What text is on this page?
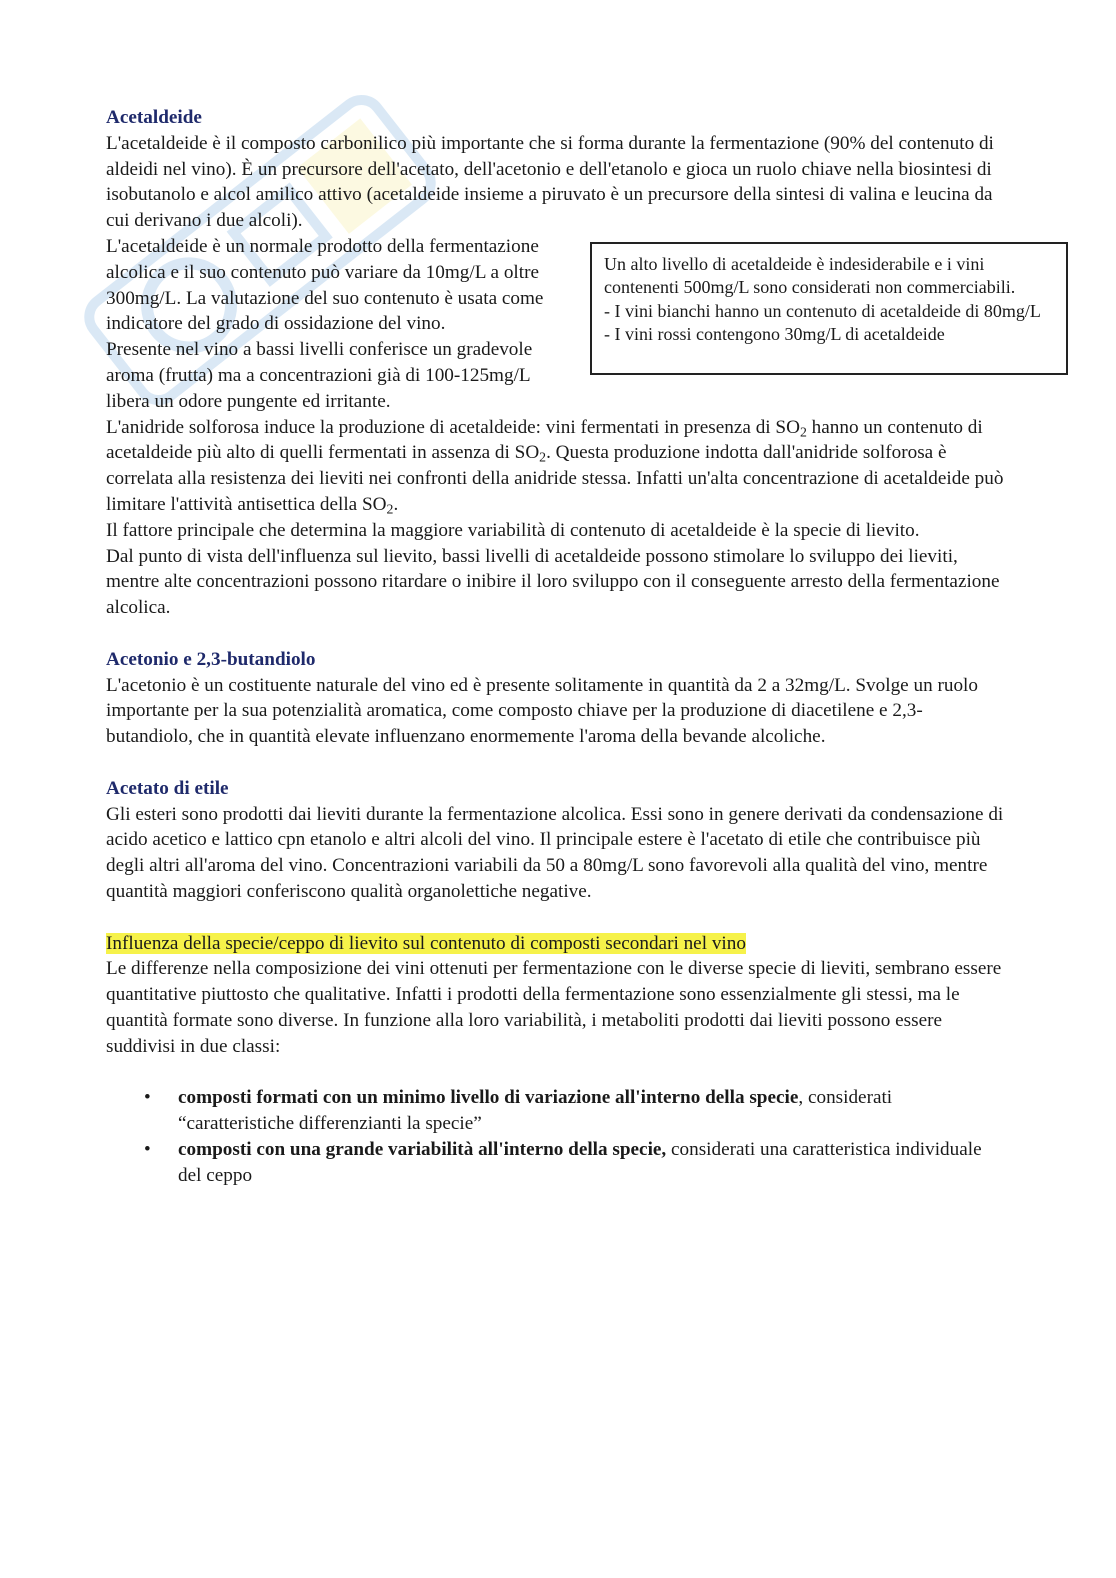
Acetaldeide

L'acetaldeide è il composto carbonilico più importante che si forma durante la fermentazione (90% del contenuto di aldeidi nel vino). È un precursore dell'acetato, dell'acetonio e dell'etanolo e gioca un ruolo chiave nella biosintesi di isobutanolo e alcol amilico attivo (acetaldeide insieme a piruvato è un precursore della sintesi di valina e leucina da cui derivano i due alcoli).

Un alto livello di acetaldeide è indesiderabile e i vini contenenti 500mg/L sono considerati non commerciabili.
- I vini bianchi hanno un contenuto di acetaldeide di 80mg/L
- I vini rossi contengono 30mg/L di acetaldeide

L'acetaldeide è un normale prodotto della fermentazione alcolica e il suo contenuto può variare da 10mg/L a oltre 300mg/L. La valutazione del suo contenuto è usata come indicatore del grado di ossidazione del vino.

Presente nel vino a bassi livelli conferisce un gradevole aroma (frutta) ma a concentrazioni già di 100-125mg/L libera un odore pungente ed irritante.

L'anidride solforosa induce la produzione di acetaldeide: vini fermentati in presenza di $SO_2$ hanno un contenuto di acetaldeide più alto di quelli fermentati in assenza di $SO_2$. Questa produzione indotta dall'anidride solforosa è correlata alla resistenza dei lieviti nei confronti della anidride stessa. Infatti un'alta concentrazione di acetaldeide può limitare l'attività antisettica della $SO_2$.

Il fattore principale che determina la maggiore variabilità di contenuto di acetaldeide è la specie di lievito.

Dal punto di vista dell'influenza sul lievito, bassi livelli di acetaldeide possono stimolare lo sviluppo dei lieviti, mentre alte concentrazioni possono ritardare o inibire il loro sviluppo con il conseguente arresto della fermentazione alcolica.

Acetonio e 2,3-butandiolo

L'acetonio è un costituente naturale del vino ed è presente solitamente in quantità da 2 a 32mg/L. Svolge un ruolo importante per la sua potenzialità aromatica, come composto chiave per la produzione di diacetilene e 2,3-butandiolo, che in quantità elevate influenzano enormemente l'aroma della bevande alcoliche.

Acetato di etile

Gli esteri sono prodotti dai lieviti durante la fermentazione alcolica. Essi sono in genere derivati da condensazione di acido acetico e lattico cpn etanolo e altri alcoli del vino. Il principale estere è l'acetato di etile che contribuisce più degli altri all'aroma del vino. Concentrazioni variabili da 50 a 80mg/L sono favorevoli alla qualità del vino, mentre quantità maggiori conferiscono qualità organolettiche negative.

Influenza della specie/ceppo di lievito sul contenuto di composti secondari nel vino

Le differenze nella composizione dei vini ottenuti per fermentazione con le diverse specie di lieviti, sembrano essere quantitative piuttosto che qualitative. Infatti i prodotti della fermentazione sono essenzialmente gli stessi, ma le quantità formate sono diverse. In funzione alla loro variabilità, i metaboliti prodotti dai lieviti possono essere suddivisi in due classi:

• composti formati con un minimo livello di variazione all'interno della specie, considerati “caratteristiche differenzianti la specie”
• composti con una grande variabilità all'interno della specie, considerati una caratteristica individuale del ceppo
